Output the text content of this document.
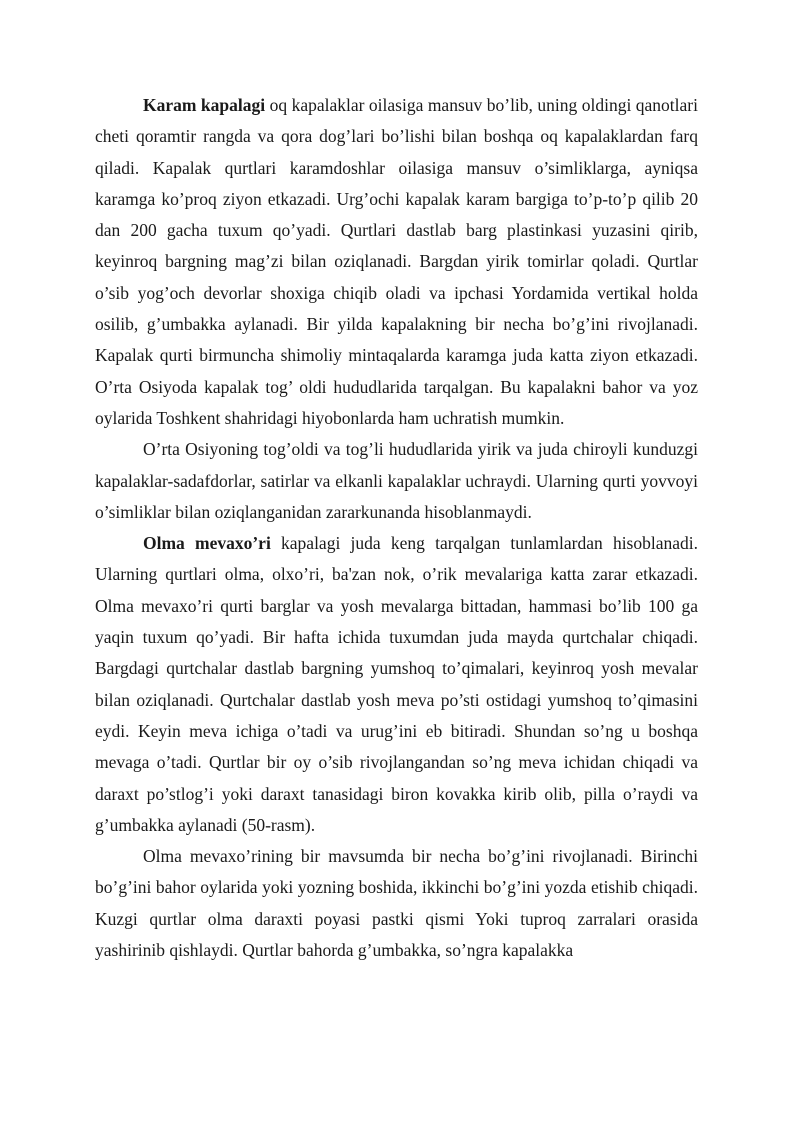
Karam kapalagi oq kapalaklar oilasiga mansuv bo’lib, uning oldingi qanotlari cheti qoramtir rangda va qora dog’lari bo’lishi bilan boshqa oq kapalaklardan farq qiladi. Kapalak qurtlari karamdoshlar oilasiga mansuv o’simliklarga, ayniqsa karamga ko’proq ziyon etkazadi. Urg’ochi kapalak karam bargiga to’p-to’p qilib 20 dan 200 gacha tuxum qo’yadi. Qurtlari dastlab barg plastinkasi yuzasini qirib, keyinroq bargning mag’zi bilan oziqlanadi. Bargdan yirik tomirlar qoladi. Qurtlar o’sib yog’och devorlar shoxiga chiqib oladi va ipchasi Yordamida vertikal holda osilib, g’umbakka aylanadi. Bir yilda kapalakning bir necha bo’g’ini rivojlanadi. Kapalak qurti birmuncha shimoliy mintaqalarda karamga juda katta ziyon etkazadi. O’rta Osiyoda kapalak tog’ oldi hududlarida tarqalgan. Bu kapalakni bahor va yoz oylarida Toshkent shahridagi hiyobonlarda ham uchratish mumkin.

O’rta Osiyoning tog’oldi va tog’li hududlarida yirik va juda chiroyli kunduzgi kapalaklar-sadafdorlar, satirlar va elkanli kapalaklar uchraydi. Ularning qurti yovvoyi o’simliklar bilan oziqlanganidan zararkunanda hisoblanmaydi.

Olma mevaxo’ri kapalagi juda keng tarqalgan tunlamlardan hisoblanadi. Ularning qurtlari olma, olxo’ri, ba'zan nok, o’rik mevalariga katta zarar etkazadi. Olma mevaxo’ri qurti barglar va yosh mevalarga bittadan, hammasi bo’lib 100 ga yaqin tuxum qo’yadi. Bir hafta ichida tuxumdan juda mayda qurtchalar chiqadi. Bargdagi qurtchalar dastlab bargning yumshoq to’qimalari, keyinroq yosh mevalar bilan oziqlanadi. Qurtchalar dastlab yosh meva po’sti ostidagi yumshoq to’qimasini eydi. Keyin meva ichiga o’tadi va urug’ini eb bitiradi. Shundan so’ng u boshqa mevaga o’tadi. Qurtlar bir oy o’sib rivojlangandan so’ng meva ichidan chiqadi va daraxt po’stlog’i yoki daraxt tanasidagi biron kovakka kirib olib, pilla o’raydi va g’umbakka aylanadi (50-rasm).

Olma mevaxo’rining bir mavsumda bir necha bo’g’ini rivojlanadi. Birinchi bo’g’ini bahor oylarida yoki yozning boshida, ikkinchi bo’g’ini yozda etishib chiqadi. Kuzgi qurtlar olma daraxti poyasi pastki qismi Yoki tuproq zarralari orasida yashirinib qishlaydi. Qurtlar bahorda g’umbakka, so’ngra kapalakka
